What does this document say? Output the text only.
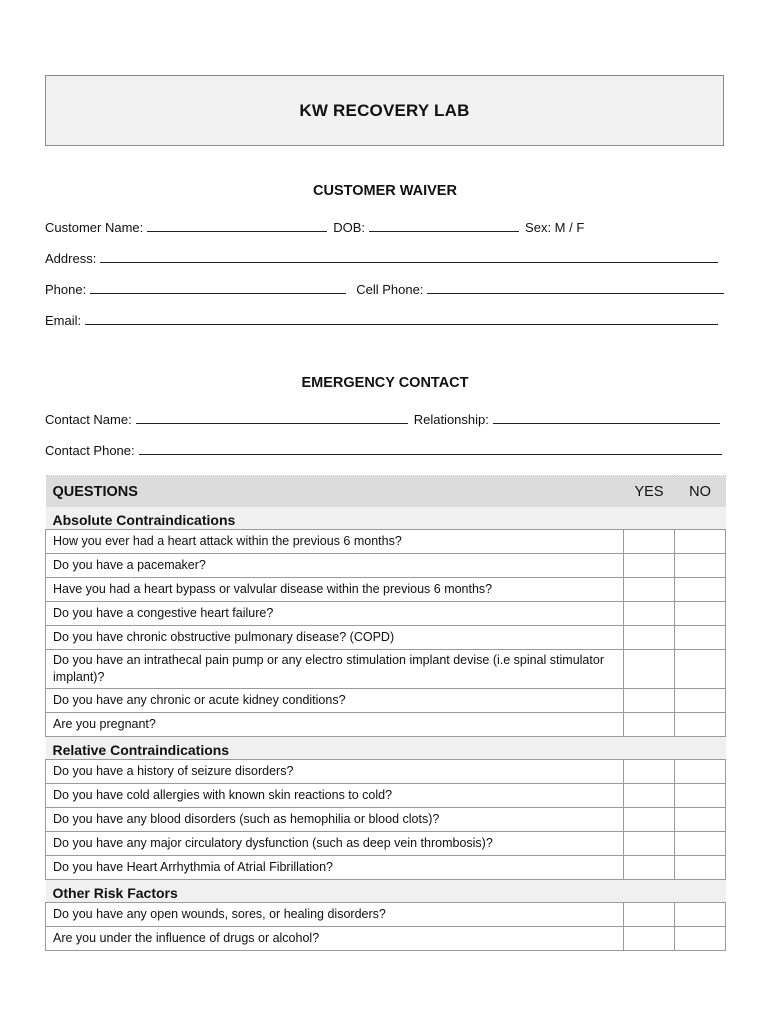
KW RECOVERY LAB
CUSTOMER WAIVER
Customer Name:	DOB:	Sex: M / F
Address:
Phone:	Cell Phone:
Email:
EMERGENCY CONTACT
Contact Name:	Relationship:
Contact Phone:
QUESTIONS	YES	NO
Absolute Contraindications		
How you ever had a heart attack within the previous 6 months?		
Do you have a pacemaker?		
Have you had a heart bypass or valvular disease within the previous 6 months?		
Do you have a congestive heart failure?		
Do you have chronic obstructive pulmonary disease? (COPD)		
Do you have an intrathecal pain pump or any electro stimulation implant devise (i.e spinal stimulator implant)?		
Do you have any chronic or acute kidney conditions?		
Are you pregnant?		
Relative Contraindications		
Do you have a history of seizure disorders?		
Do you have cold allergies with known skin reactions to cold?		
Do you have any blood disorders (such as hemophilia or blood clots)?		
Do you have any major circulatory dysfunction (such as deep vein thrombosis)?		
Do you have Heart Arrhythmia of Atrial Fibrillation?		
Other Risk Factors		
Do you have any open wounds, sores, or healing disorders?		
Are you under the influence of drugs or alcohol?		
